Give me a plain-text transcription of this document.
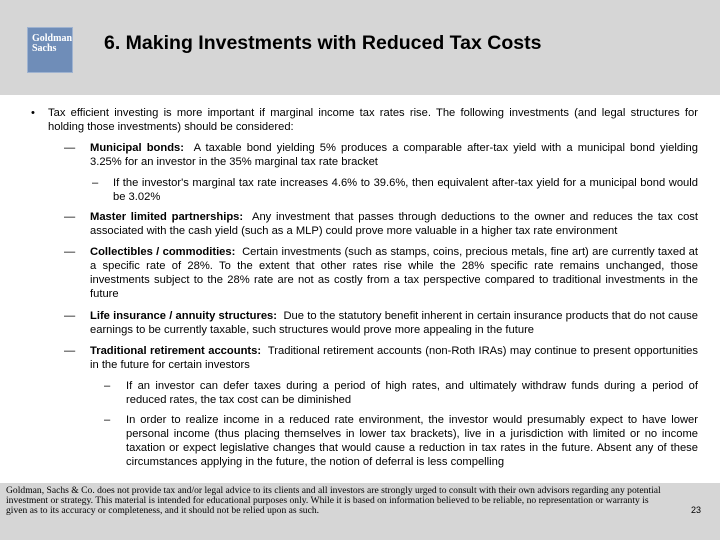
Goldman
Sachs	6. Making Investments with Reduced Tax Costs
• Tax efficient investing is more important if marginal income tax rates rise. The following investments (and legal structures for holding those investments) should be considered:
— Municipal bonds: A taxable bond yielding 5% produces a comparable after-tax yield with a municipal bond yielding 3.25% for an investor in the 35% marginal tax rate bracket
– If the investor's marginal tax rate increases 4.6% to 39.6%, then equivalent after-tax yield for a municipal bond would be 3.02%
— Master limited partnerships: Any investment that passes through deductions to the owner and reduces the tax cost associated with the cash yield (such as a MLP) could prove more valuable in a higher tax rate environment
— Collectibles / commodities: Certain investments (such as stamps, coins, precious metals, fine art) are currently taxed at a specific rate of 28%. To the extent that other rates rise while the 28% specific rate remains unchanged, those investments subject to the 28% rate are not as costly from a tax perspective compared to traditional investments in the future
— Life insurance / annuity structures: Due to the statutory benefit inherent in certain insurance products that do not cause earnings to be currently taxable, such structures would prove more appealing in the future
— Traditional retirement accounts: Traditional retirement accounts (non-Roth IRAs) may continue to present opportunities in the future for certain investors
– If an investor can defer taxes during a period of high rates, and ultimately withdraw funds during a period of reduced rates, the tax cost can be diminished
– In order to realize income in a reduced rate environment, the investor would presumably expect to have lower personal income (thus placing themselves in lower tax brackets), live in a jurisdiction with limited or no income taxation or expect legislative changes that would cause a reduction in tax rates in the future. Absent any of these circumstances applying in the future, the notion of deferral is less compelling
Goldman, Sachs & Co. does not provide tax and/or legal advice to its clients and all investors are strongly urged to consult with their own advisors regarding any potential investment or strategy. This material is intended for educational purposes only. While it is based on information believed to be reliable, no representation or warranty is given as to its accuracy or completeness, and it should not be relied upon as such.	23
